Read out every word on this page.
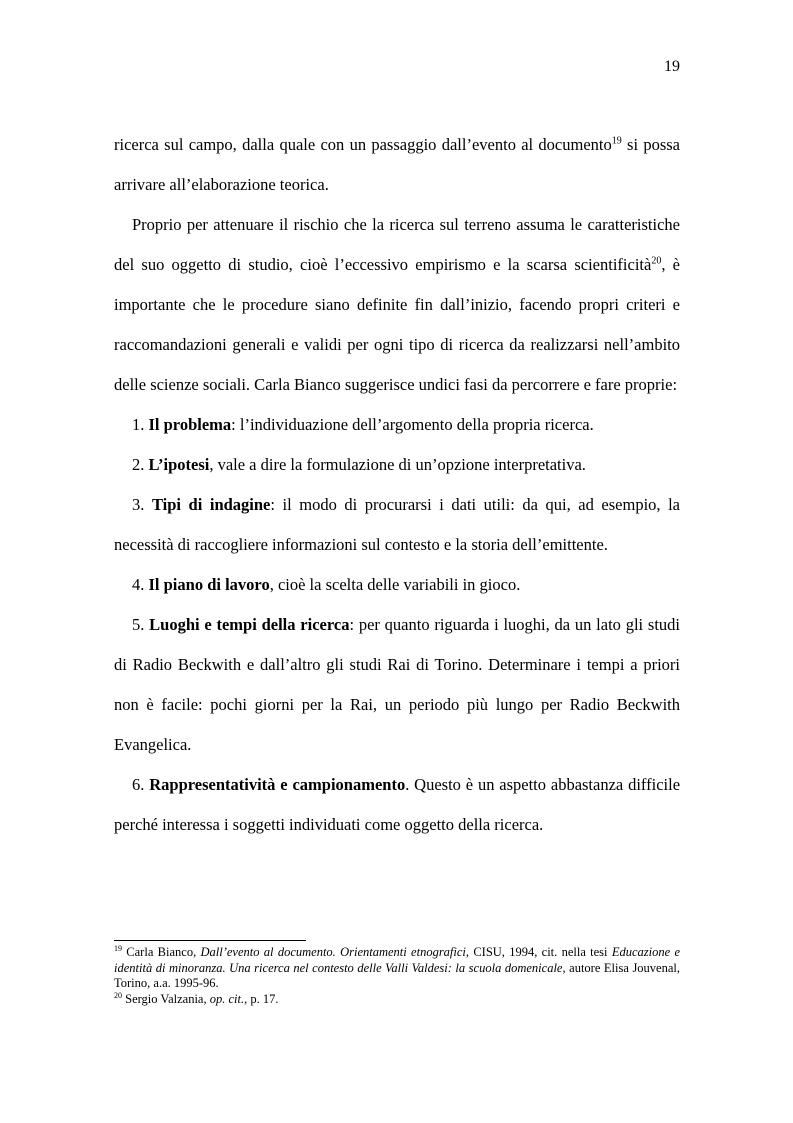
19

ricerca sul campo, dalla quale con un passaggio dall’evento al documento$^{19}$ si possa arrivare all’elaborazione teorica.

Proprio per attenuare il rischio che la ricerca sul terreno assuma le caratteristiche del suo oggetto di studio, cioè l’eccessivo empirismo e la scarsa scientificità$^{20}$, è importante che le procedure siano definite fin dall’inizio, facendo propri criteri e raccomandazioni generali e validi per ogni tipo di ricerca da realizzarsi nell’ambito delle scienze sociali. Carla Bianco suggerisce undici fasi da percorrere e fare proprie:

1. Il problema: l’individuazione dell’argomento della propria ricerca.

2. L’ipotesi, vale a dire la formulazione di un’opzione interpretativa.

3. Tipi di indagine: il modo di procurarsi i dati utili: da qui, ad esempio, la necessità di raccogliere informazioni sul contesto e la storia dell’emittente.

4. Il piano di lavoro, cioè la scelta delle variabili in gioco.

5. Luoghi e tempi della ricerca: per quanto riguarda i luoghi, da un lato gli studi di Radio Beckwith e dall’altro gli studi Rai di Torino. Determinare i tempi a priori non è facile: pochi giorni per la Rai, un periodo più lungo per Radio Beckwith Evangelica.

6. Rappresentatività e campionamento. Questo è un aspetto abbastanza difficile perché interessa i soggetti individuati come oggetto della ricerca.

$^{19}$ Carla Bianco, Dall’evento al documento. Orientamenti etnografici, CISU, 1994, cit. nella tesi Educazione e identità di minoranza. Una ricerca nel contesto delle Valli Valdesi: la scuola domenicale, autore Elisa Jouvenal, Torino, a.a. 1995-96.

$^{20}$ Sergio Valzania, op. cit., p. 17.
